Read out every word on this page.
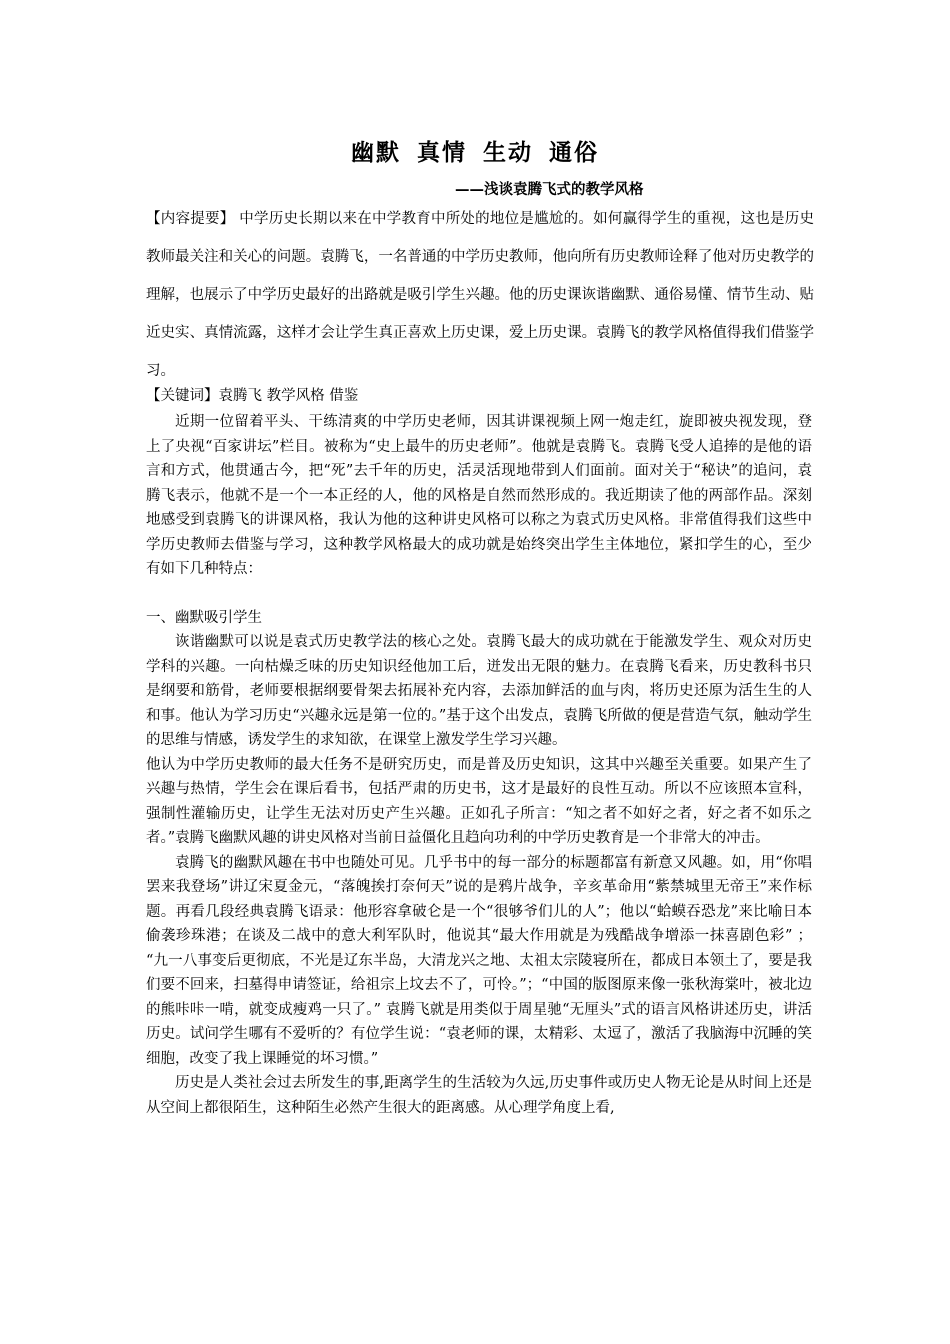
幽默 真情 生动 通俗
——浅谈袁腾飞式的教学风格

【内容提要】 中学历史长期以来在中学教育中所处的地位是尴尬的。如何赢得学生的重视，这也是历史教师最关注和关心的问题。袁腾飞，一名普通的中学历史教师，他向所有历史教师诠释了他对历史教学的理解，也展示了中学历史最好的出路就是吸引学生兴趣。他的历史课诙谐幽默、通俗易懂、情节生动、贴近史实、真情流露，这样才会让学生真正喜欢上历史课，爱上历史课。袁腾飞的教学风格值得我们借鉴学习。

【关键词】袁腾飞 教学风格 借鉴

近期一位留着平头、干练清爽的中学历史老师，因其讲课视频上网一炮走红，旋即被央视发现，登上了央视“百家讲坛”栏目。被称为“史上最牛的历史老师”。他就是袁腾飞。袁腾飞受人追捧的是他的语言和方式，他贯通古今，把“死”去千年的历史，活灵活现地带到人们面前。面对关于“秘诀”的追问，袁腾飞表示，他就不是一个一本正经的人，他的风格是自然而然形成的。我近期读了他的两部作品。深刻地感受到袁腾飞的讲课风格，我认为他的这种讲史风格可以称之为袁式历史风格。非常值得我们这些中学历史教师去借鉴与学习，这种教学风格最大的成功就是始终突出学生主体地位，紧扣学生的心，至少有如下几种特点：

一、幽默吸引学生

诙谐幽默可以说是袁式历史教学法的核心之处。袁腾飞最大的成功就在于能激发学生、观众对历史学科的兴趣。一向枯燥乏味的历史知识经他加工后，迸发出无限的魅力。在袁腾飞看来，历史教科书只是纲要和筋骨，老师要根据纲要骨架去拓展补充内容，去添加鲜活的血与肉，将历史还原为活生生的人和事。他认为学习历史“兴趣永远是第一位的。”基于这个出发点，袁腾飞所做的便是营造气氛，触动学生的思维与情感，诱发学生的求知欲，在课堂上激发学生学习兴趣。

他认为中学历史教师的最大任务不是研究历史，而是普及历史知识，这其中兴趣至关重要。如果产生了兴趣与热情，学生会在课后看书，包括严肃的历史书，这才是最好的良性互动。所以不应该照本宣科，强制性灌输历史，让学生无法对历史产生兴趣。正如孔子所言：“知之者不如好之者，好之者不如乐之者。”袁腾飞幽默风趣的讲史风格对当前日益僵化且趋向功利的中学历史教育是一个非常大的冲击。

袁腾飞的幽默风趣在书中也随处可见。几乎书中的每一部分的标题都富有新意又风趣。如，用“你唱罢来我登场”讲辽宋夏金元，“落魄挨打奈何天”说的是鸦片战争，辛亥革命用“紫禁城里无帝王”来作标题。再看几段经典袁腾飞语录：他形容拿破仑是一个“很够爷们儿的人”；他以“蛤蟆吞恐龙”来比喻日本偷袭珍珠港；在谈及二战中的意大利军队时，他说其“最大作用就是为残酷战争增添一抹喜剧色彩” ； “九一八事变后更彻底，不光是辽东半岛，大清龙兴之地、太祖太宗陵寝所在，都成日本领土了，要是我们要不回来，扫墓得申请签证，给祖宗上坟去不了，可怜。”；“中国的版图原来像一张秋海棠叶，被北边的熊咔咔一啃，就变成瘦鸡一只了。” 袁腾飞就是用类似于周星驰“无厘头”式的语言风格讲述历史，讲活历史。试问学生哪有不爱听的？有位学生说：“袁老师的课，太精彩、太逗了，激活了我脑海中沉睡的笑细胞，改变了我上课睡觉的坏习惯。”

历史是人类社会过去所发生的事,距离学生的生活较为久远,历史事件或历史人物无论是从时间上还是从空间上都很陌生，这种陌生必然产生很大的距离感。从心理学角度上看,
